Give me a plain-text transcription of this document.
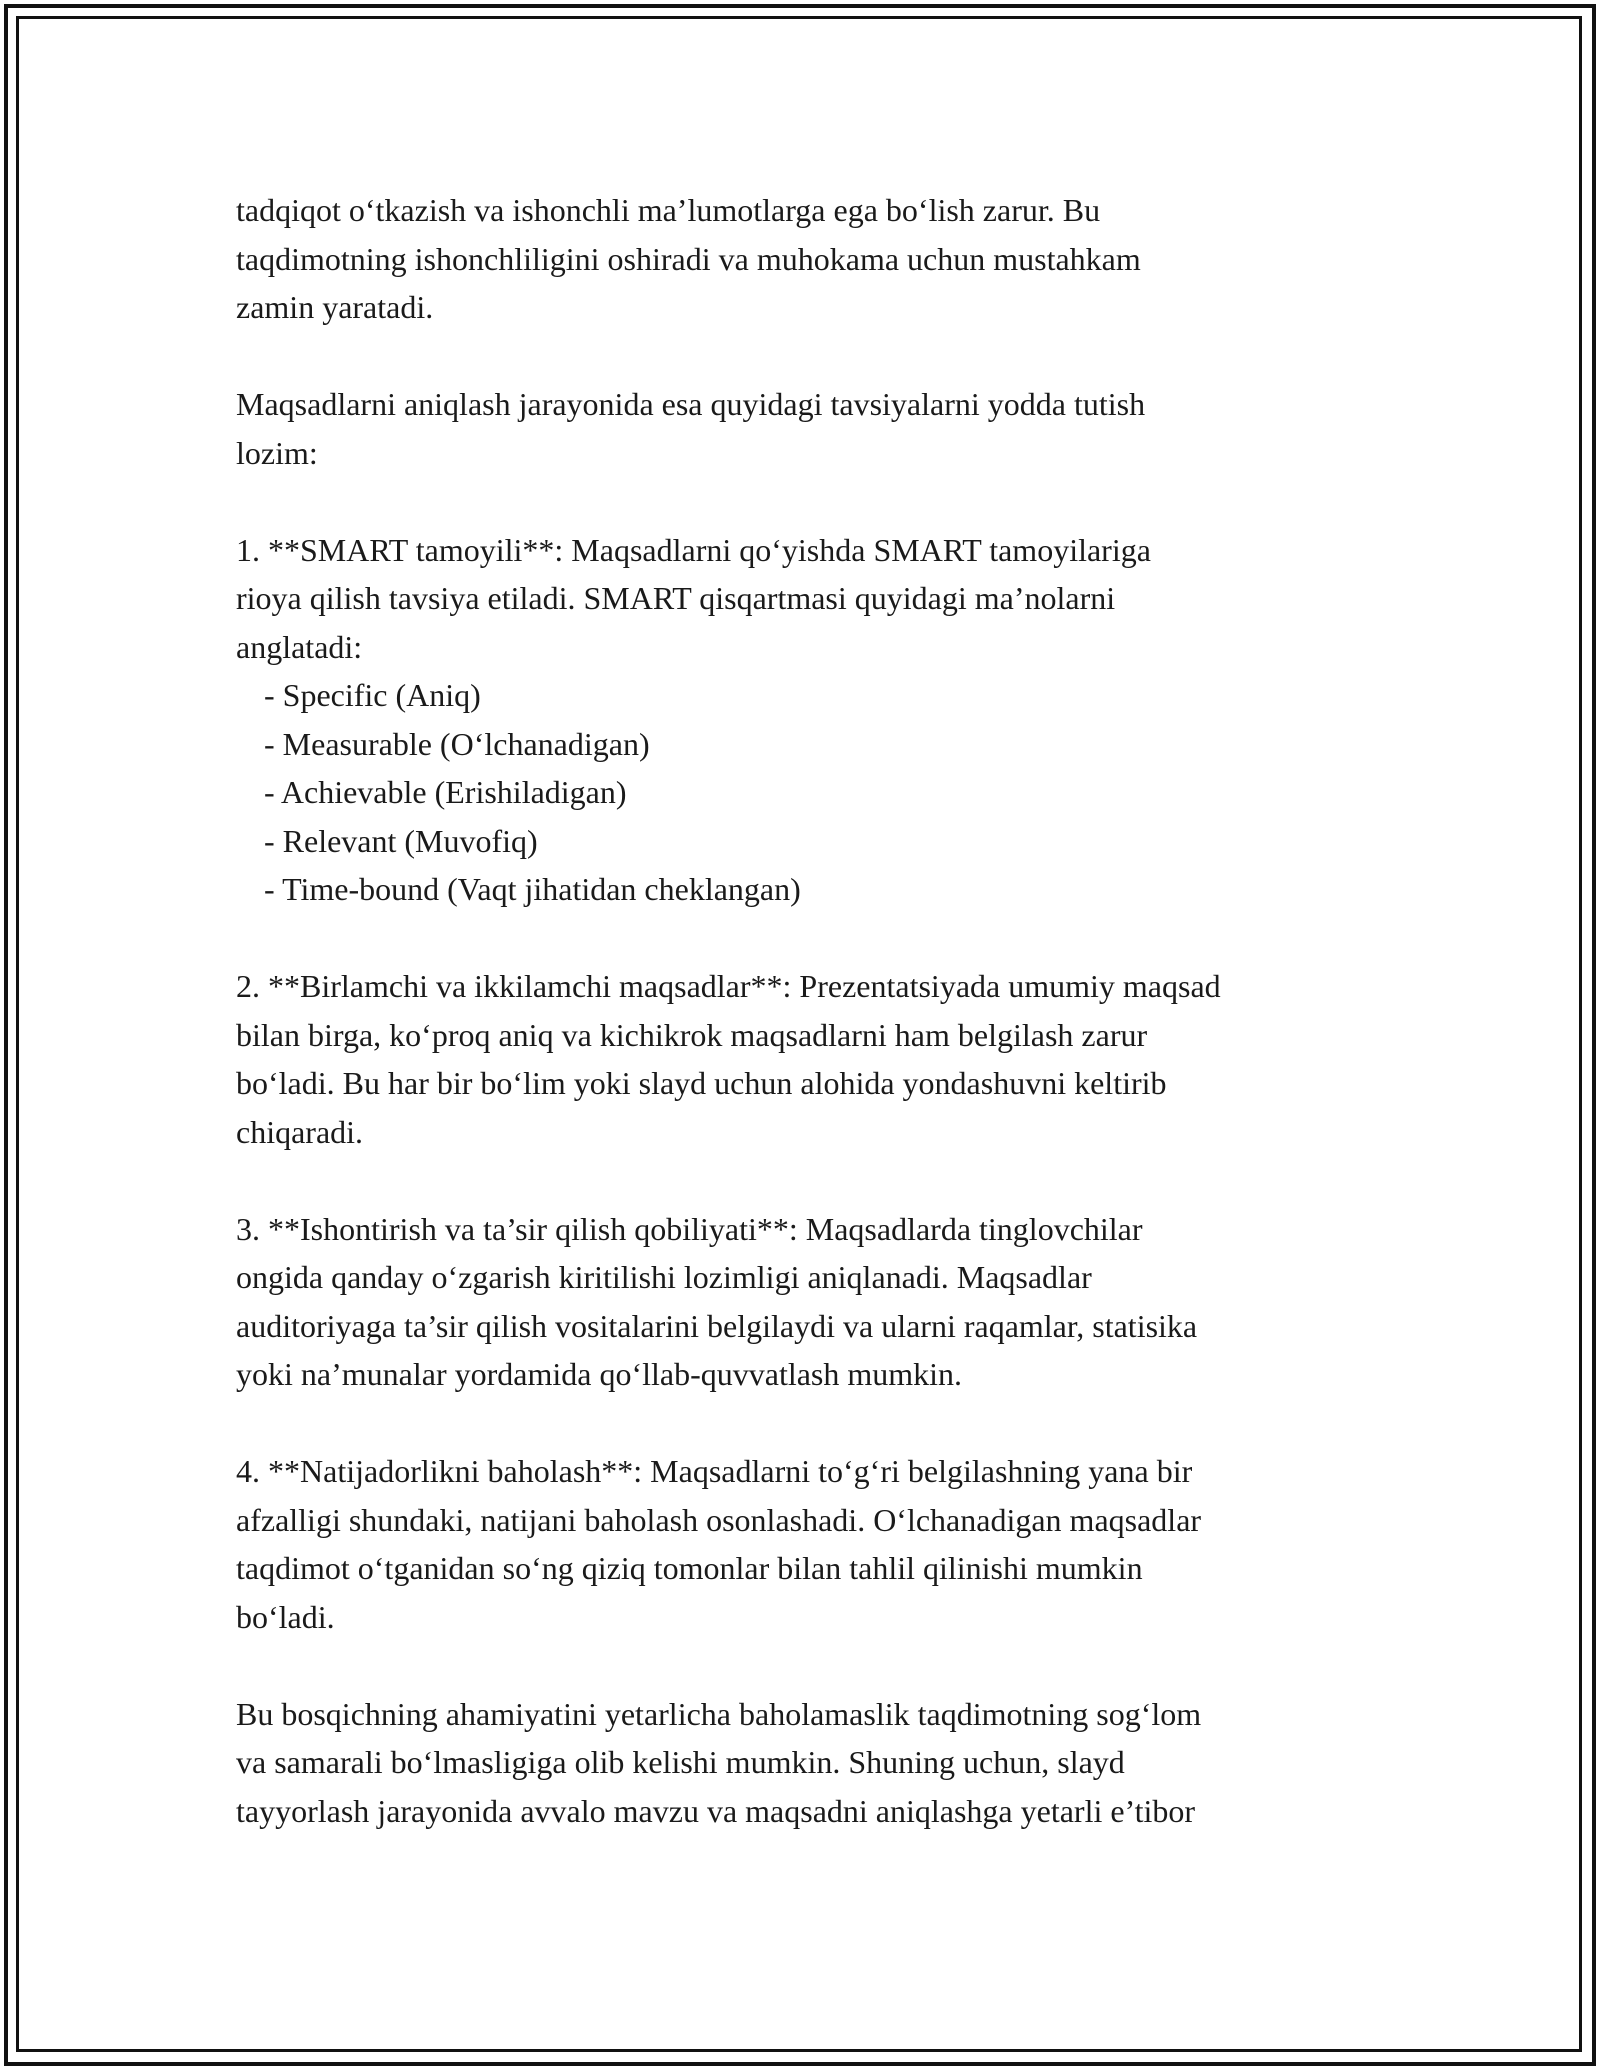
tadqiqot o‘tkazish va ishonchli ma’lumotlarga ega bo‘lish zarur. Bu
taqdimotning ishonchliligini oshiradi va muhokama uchun mustahkam
zamin yaratadi.
Maqsadlarni aniqlash jarayonida esa quyidagi tavsiyalarni yodda tutish
lozim:
1. **SMART tamoyili**: Maqsadlarni qo‘yishda SMART tamoyilariga
rioya qilish tavsiya etiladi. SMART qisqartmasi quyidagi ma’nolarni
anglatadi:
- Specific (Aniq)
- Measurable (O‘lchanadigan)
- Achievable (Erishiladigan)
- Relevant (Muvofiq)
- Time-bound (Vaqt jihatidan cheklangan)
2. **Birlamchi va ikkilamchi maqsadlar**: Prezentatsiyada umumiy maqsad
bilan birga, ko‘proq aniq va kichikrok maqsadlarni ham belgilash zarur
bo‘ladi. Bu har bir bo‘lim yoki slayd uchun alohida yondashuvni keltirib
chiqaradi.
3. **Ishontirish va ta’sir qilish qobiliyati**: Maqsadlarda tinglovchilar
ongida qanday o‘zgarish kiritilishi lozimligi aniqlanadi. Maqsadlar
auditoriyaga ta’sir qilish vositalarini belgilaydi va ularni raqamlar, statisika
yoki na’munalar yordamida qo‘llab-quvvatlash mumkin.
4. **Natijadorlikni baholash**: Maqsadlarni to‘g‘ri belgilashning yana bir
afzalligi shundaki, natijani baholash osonlashadi. O‘lchanadigan maqsadlar
taqdimot o‘tganidan so‘ng qiziq tomonlar bilan tahlil qilinishi mumkin
bo‘ladi.
Bu bosqichning ahamiyatini yetarlicha baholamaslik taqdimotning sog‘lom
va samarali bo‘lmasligiga olib kelishi mumkin. Shuning uchun, slayd
tayyorlash jarayonida avvalo mavzu va maqsadni aniqlashga yetarli e’tibor
